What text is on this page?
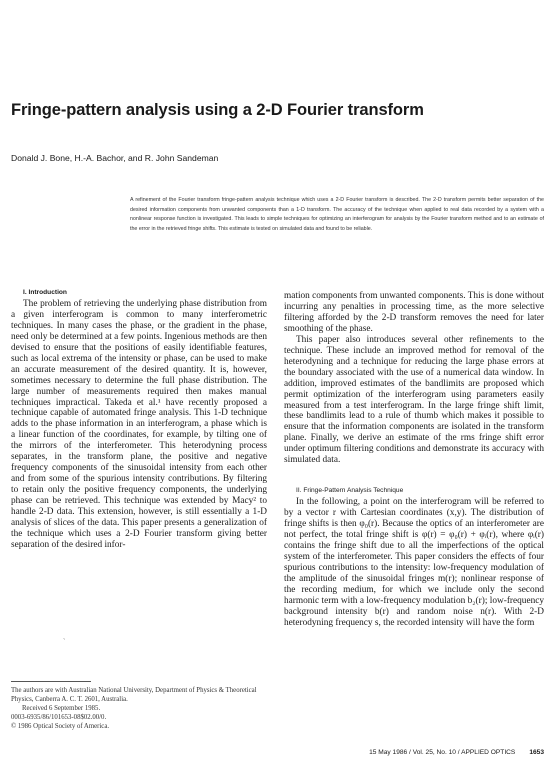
Fringe-pattern analysis using a 2-D Fourier transform
Donald J. Bone, H.-A. Bachor, and R. John Sandeman
A refinement of the Fourier transform fringe-pattern analysis technique which uses a 2-D Fourier transform is described. The 2-D transform permits better separation of the desired information components from unwanted components than a 1-D transform. The accuracy of the technique when applied to real data recorded by a system with a nonlinear response function is investigated. This leads to simple techniques for optimizing an interferogram for analysis by the Fourier transform method and to an estimate of the error in the retrieved fringe shifts. This estimate is tested on simulated data and found to be reliable.

I. Introduction

The problem of retrieving the underlying phase distribution from a given interferogram is common to many interferometric techniques. In many cases the phase, or the gradient in the phase, need only be determined at a few points. Ingenious methods are then devised to ensure that the positions of easily identifiable features, such as local extrema of the intensity or phase, can be used to make an accurate measurement of the desired quantity. It is, however, sometimes necessary to determine the full phase distribution. The large number of measurements required then makes manual techniques impractical. Takeda et al.¹ have recently proposed a technique capable of automated fringe analysis. This 1-D technique adds to the phase information in an interferogram, a phase which is a linear function of the coordinates, for example, by tilting one of the mirrors of the interferometer. This heterodyning process separates, in the transform plane, the positive and negative frequency components of the sinusoidal intensity from each other and from some of the spurious intensity contributions. By filtering to retain only the positive frequency components, the underlying phase can be retrieved. This technique was extended by Macy² to handle 2-D data. This extension, however, is still essentially a 1-D analysis of slices of the data. This paper presents a generalization of the technique which uses a 2-D Fourier transform giving better separation of the desired infor-

mation components from unwanted components. This is done without incurring any penalties in processing time, as the more selective filtering afforded by the 2-D transform removes the need for later smoothing of the phase.

This paper also introduces several other refinements to the technique. These include an improved method for removal of the heterodyning and a technique for reducing the large phase errors at the boundary associated with the use of a numerical data window. In addition, improved estimates of the bandlimits are proposed which permit optimization of the interferogram using parameters easily measured from a test interferogram. In the large fringe shift limit, these bandlimits lead to a rule of thumb which makes it possible to ensure that the information components are isolated in the transform plane. Finally, we derive an estimate of the rms fringe shift error under optimum filtering conditions and demonstrate its accuracy with simulated data.

II. Fringe-Pattern Analysis Technique

In the following, a point on the interferogram will be referred to by a vector r with Cartesian coordinates (x,y). The distribution of fringe shifts is then φ₀(r). Because the optics of an interferometer are not perfect, the total fringe shift is φ(r) = φ₀(r) + φᵢ(r), where φᵢ(r) contains the fringe shift due to all the imperfections of the optical system of the interferometer. This paper considers the effects of four spurious contributions to the intensity: low-frequency modulation of the amplitude of the sinusoidal fringes m(r); nonlinear response of the recording medium, for which we include only the second harmonic term with a low-frequency modulation b₂(r); low-frequency background intensity b(r) and random noise n(r). With 2-D heterodyning frequency s, the recorded intensity will have the form

ˎ

The authors are with Australian National University, Department of Physics & Theoretical Physics, Canberra A. C. T. 2601, Australia.

Received 6 September 1985.

0003-6935/86/101653-08$02.00/0.

© 1986 Optical Society of America.

15 May 1986 / Vol. 25, No. 10 / APPLIED OPTICS 1653
